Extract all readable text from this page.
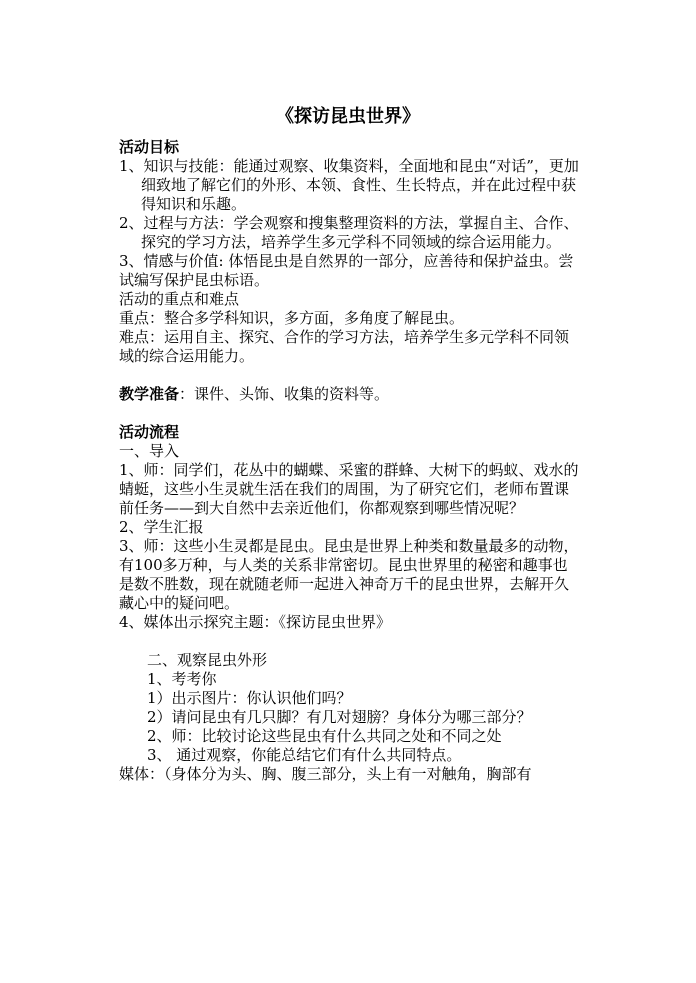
《探访昆虫世界》

活动目标

1、知识与技能：能通过观察、收集资料，全面地和昆虫“对话”，更加细致地了解它们的外形、本领、食性、生长特点，并在此过程中获得知识和乐趣。

2、过程与方法：学会观察和搜集整理资料的方法，掌握自主、合作、探究的学习方法，培养学生多元学科不同领域的综合运用能力。

3、情感与价值: 体悟昆虫是自然界的一部分，应善待和保护益虫。尝试编写保护昆虫标语。

活动的重点和难点

重点：整合多学科知识，多方面，多角度了解昆虫。

难点：运用自主、探究、合作的学习方法，培养学生多元学科不同领域的综合运用能力。

教学准备：课件、头饰、收集的资料等。

活动流程

一、导入

1、师：同学们，花丛中的蝴蝶、采蜜的群蜂、大树下的蚂蚁、戏水的蜻蜓，这些小生灵就生活在我们的周围，为了研究它们，老师布置课前任务——到大自然中去亲近他们，你都观察到哪些情况呢？

2、学生汇报

3、师：这些小生灵都是昆虫。昆虫是世界上种类和数量最多的动物，有100多万种，与人类的关系非常密切。昆虫世界里的秘密和趣事也是数不胜数，现在就随老师一起进入神奇万千的昆虫世界，去解开久藏心中的疑问吧。

4、媒体出示探究主题：《探访昆虫世界》

二、观察昆虫外形

1、考考你

1）出示图片：你认识他们吗？

2）请问昆虫有几只脚？有几对翅膀？身体分为哪三部分？

2、师：比较讨论这些昆虫有什么共同之处和不同之处

3、 通过观察，你能总结它们有什么共同特点。

媒体：（身体分为头、胸、腹三部分，头上有一对触角，胸部有
